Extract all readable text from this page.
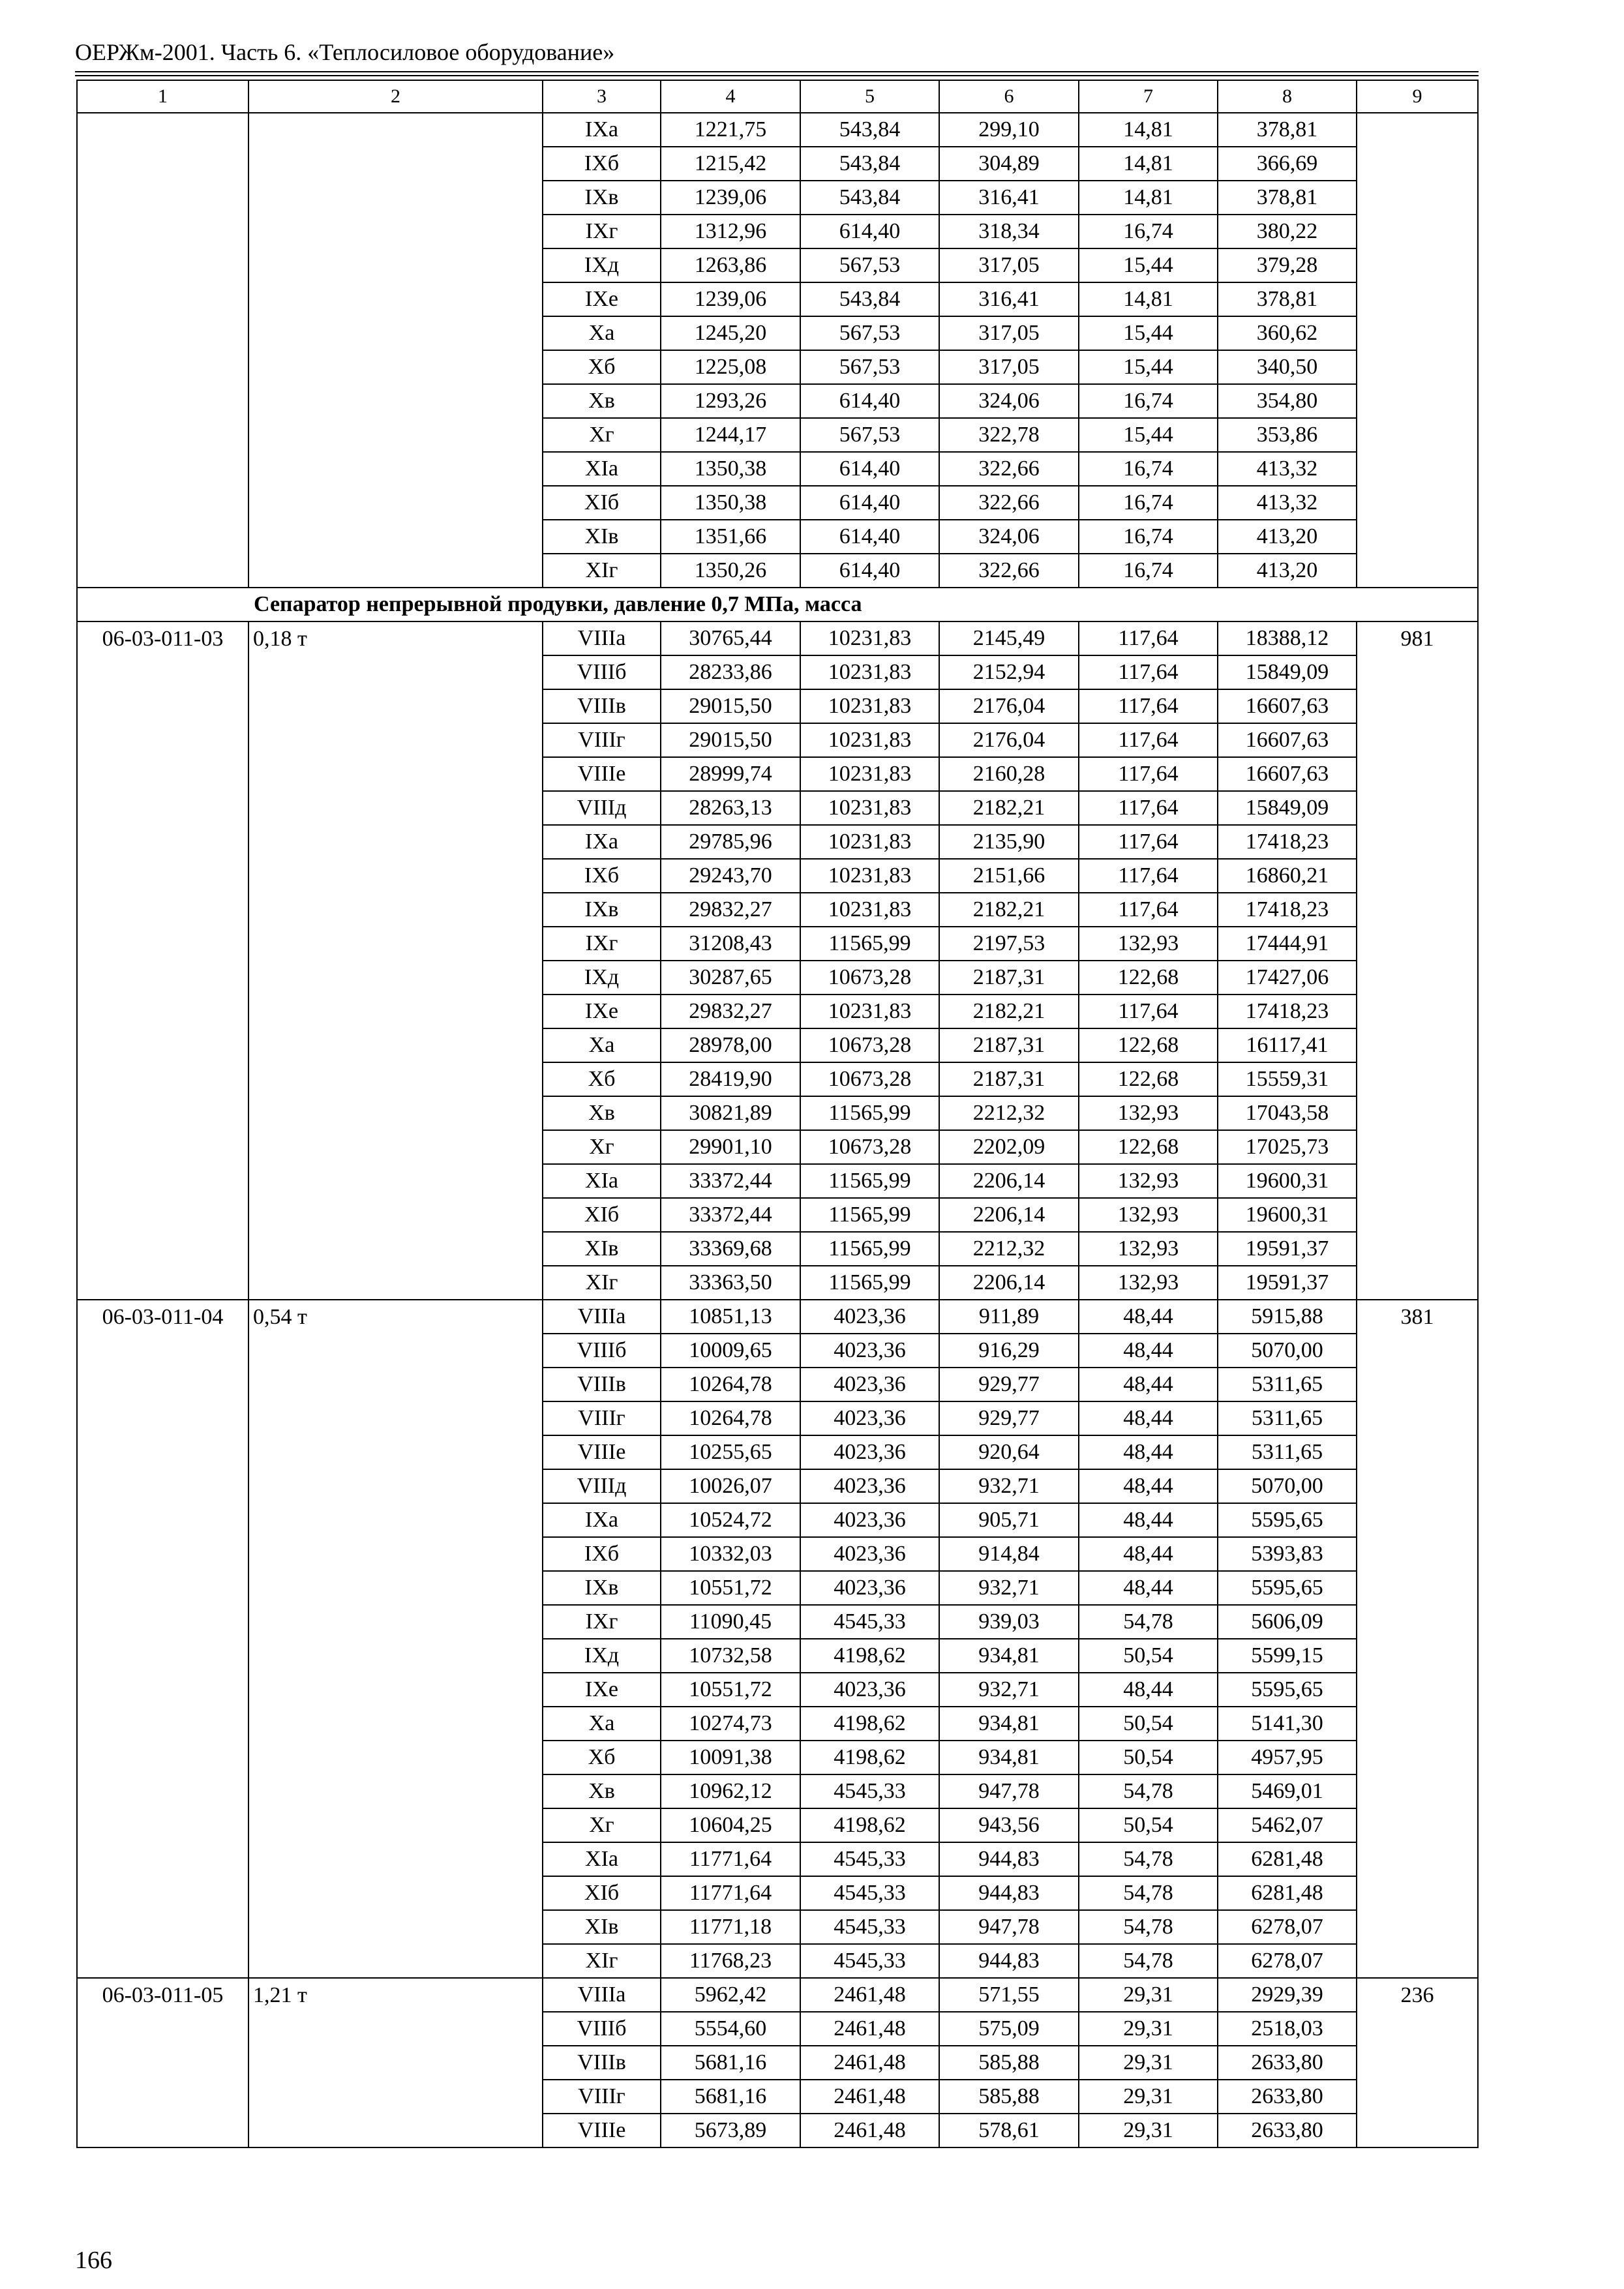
ОЕРЖм-2001. Часть 6. «Теплосиловое оборудование»
1	2	3	4	5	6	7	8	9
		IХа	1221,75	543,84	299,10	14,81	378,81	
		IХб	1215,42	543,84	304,89	14,81	366,69	
		IХв	1239,06	543,84	316,41	14,81	378,81	
		IХг	1312,96	614,40	318,34	16,74	380,22	
		IХд	1263,86	567,53	317,05	15,44	379,28	
		IХе	1239,06	543,84	316,41	14,81	378,81	
		Ха	1245,20	567,53	317,05	15,44	360,62	
		Хб	1225,08	567,53	317,05	15,44	340,50	
		Хв	1293,26	614,40	324,06	16,74	354,80	
		Хг	1244,17	567,53	322,78	15,44	353,86	
		ХIа	1350,38	614,40	322,66	16,74	413,32	
		ХIб	1350,38	614,40	322,66	16,74	413,32	
		ХIв	1351,66	614,40	324,06	16,74	413,20	
		ХIг	1350,26	614,40	322,66	16,74	413,20	
Сепаратор непрерывной продувки, давление 0,7 МПа, масса								
06-03-011-03	0,18 т	VIIIа	30765,44	10231,83	2145,49	117,64	18388,12	981
		VIIIб	28233,86	10231,83	2152,94	117,64	15849,09	
		VIIIв	29015,50	10231,83	2176,04	117,64	16607,63	
		VIIIг	29015,50	10231,83	2176,04	117,64	16607,63	
		VIIIе	28999,74	10231,83	2160,28	117,64	16607,63	
		VIIIд	28263,13	10231,83	2182,21	117,64	15849,09	
		IХа	29785,96	10231,83	2135,90	117,64	17418,23	
		IХб	29243,70	10231,83	2151,66	117,64	16860,21	
		IХв	29832,27	10231,83	2182,21	117,64	17418,23	
		IХг	31208,43	11565,99	2197,53	132,93	17444,91	
		IХд	30287,65	10673,28	2187,31	122,68	17427,06	
		IХе	29832,27	10231,83	2182,21	117,64	17418,23	
		Ха	28978,00	10673,28	2187,31	122,68	16117,41	
		Хб	28419,90	10673,28	2187,31	122,68	15559,31	
		Хв	30821,89	11565,99	2212,32	132,93	17043,58	
		Хг	29901,10	10673,28	2202,09	122,68	17025,73	
		ХIа	33372,44	11565,99	2206,14	132,93	19600,31	
		ХIб	33372,44	11565,99	2206,14	132,93	19600,31	
		ХIв	33369,68	11565,99	2212,32	132,93	19591,37	
		ХIг	33363,50	11565,99	2206,14	132,93	19591,37	
06-03-011-04	0,54 т	VIIIа	10851,13	4023,36	911,89	48,44	5915,88	381
		VIIIб	10009,65	4023,36	916,29	48,44	5070,00	
		VIIIв	10264,78	4023,36	929,77	48,44	5311,65	
		VIIIг	10264,78	4023,36	929,77	48,44	5311,65	
		VIIIе	10255,65	4023,36	920,64	48,44	5311,65	
		VIIIд	10026,07	4023,36	932,71	48,44	5070,00	
		IХа	10524,72	4023,36	905,71	48,44	5595,65	
		IХб	10332,03	4023,36	914,84	48,44	5393,83	
		IХв	10551,72	4023,36	932,71	48,44	5595,65	
		IХг	11090,45	4545,33	939,03	54,78	5606,09	
		IХд	10732,58	4198,62	934,81	50,54	5599,15	
		IХе	10551,72	4023,36	932,71	48,44	5595,65	
		Ха	10274,73	4198,62	934,81	50,54	5141,30	
		Хб	10091,38	4198,62	934,81	50,54	4957,95	
		Хв	10962,12	4545,33	947,78	54,78	5469,01	
		Хг	10604,25	4198,62	943,56	50,54	5462,07	
		ХIа	11771,64	4545,33	944,83	54,78	6281,48	
		ХIб	11771,64	4545,33	944,83	54,78	6281,48	
		ХIв	11771,18	4545,33	947,78	54,78	6278,07	
		ХIг	11768,23	4545,33	944,83	54,78	6278,07	
06-03-011-05	1,21 т	VIIIа	5962,42	2461,48	571,55	29,31	2929,39	236
		VIIIб	5554,60	2461,48	575,09	29,31	2518,03	
		VIIIв	5681,16	2461,48	585,88	29,31	2633,80	
		VIIIг	5681,16	2461,48	585,88	29,31	2633,80	
		VIIIе	5673,89	2461,48	578,61	29,31	2633,80	
166
